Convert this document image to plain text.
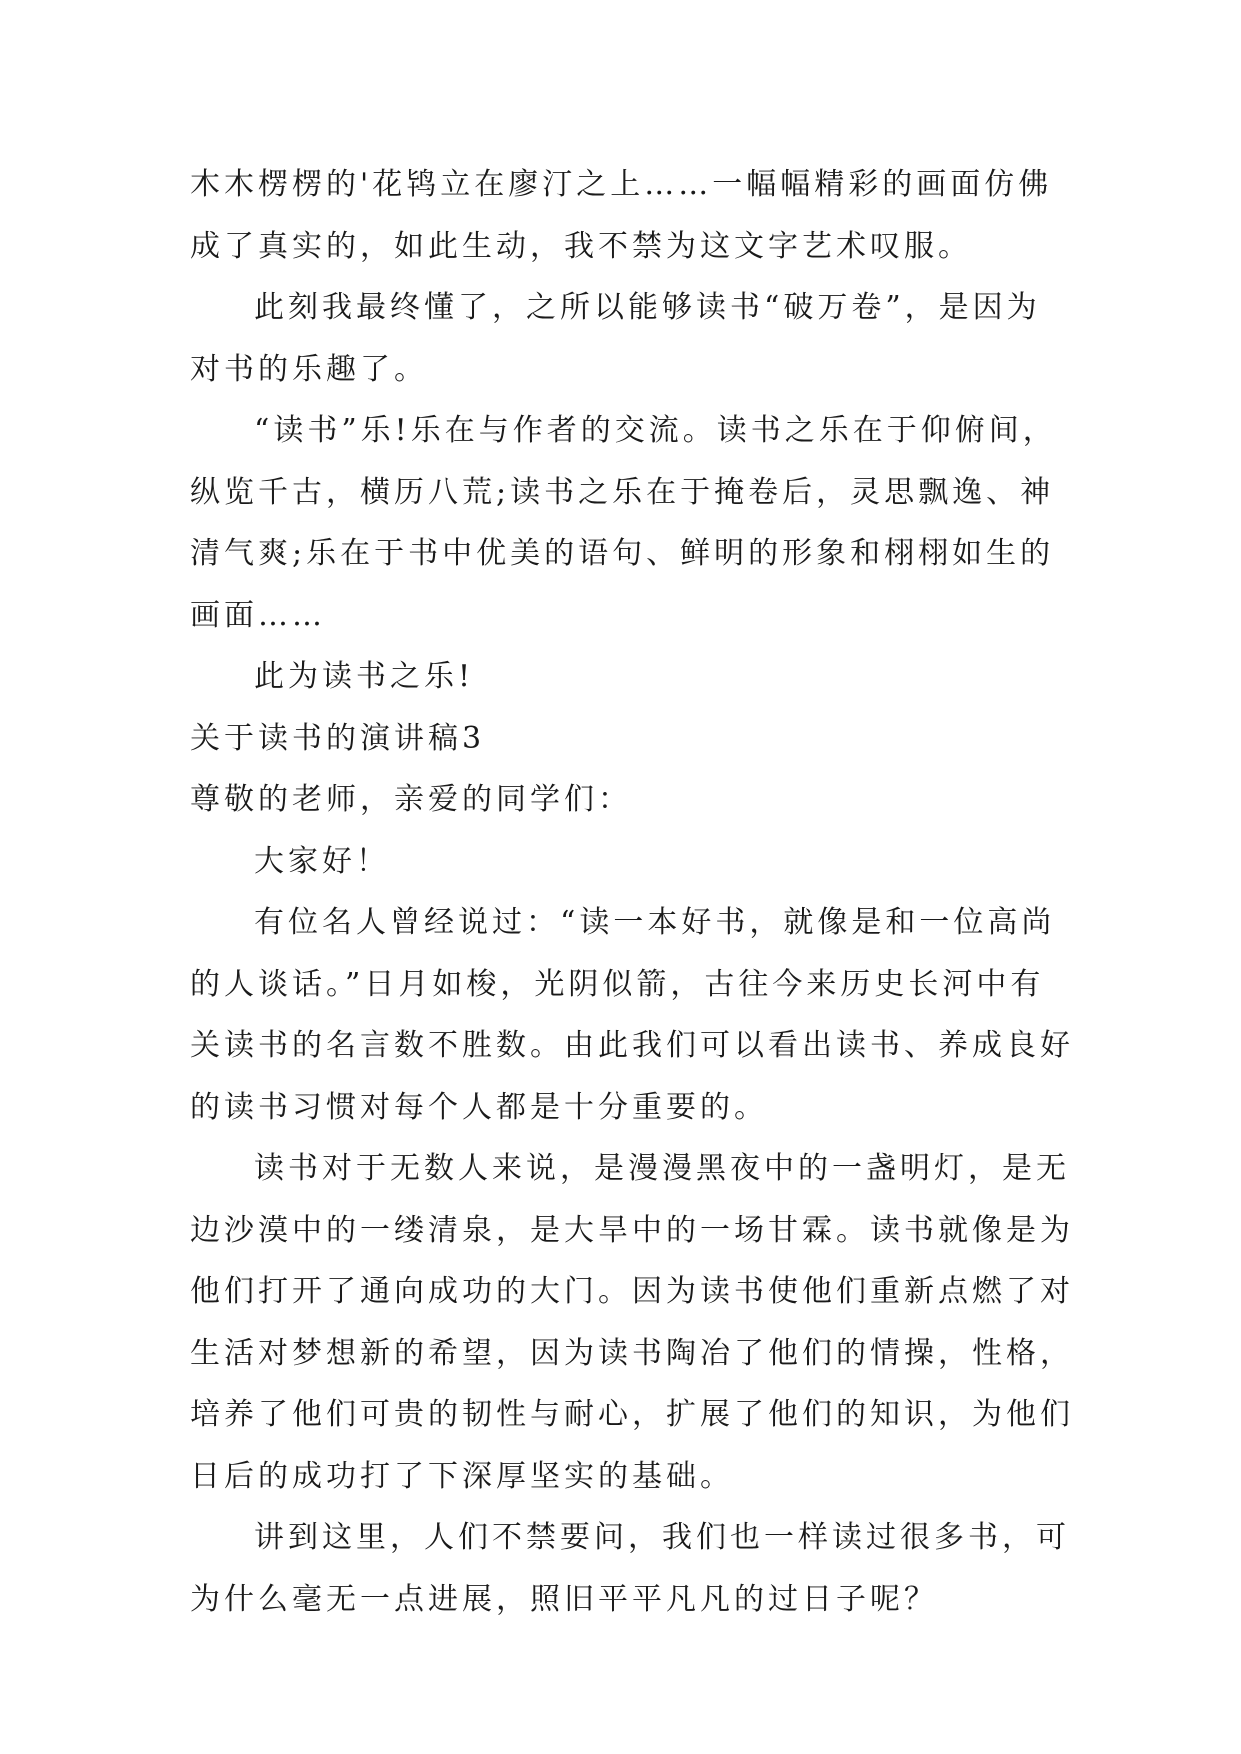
木木楞楞的'花鸨立在廖汀之上……一幅幅精彩的画面仿佛
成了真实的，如此生动，我不禁为这文字艺术叹服。
此刻我最终懂了，之所以能够读书“破万卷”，是因为
对书的乐趣了。
“读书”乐!乐在与作者的交流。读书之乐在于仰俯间，
纵览千古，横历八荒;读书之乐在于掩卷后，灵思飘逸、神
清气爽;乐在于书中优美的语句、鲜明的形象和栩栩如生的
画面……
此为读书之乐!
关于读书的演讲稿3
尊敬的老师，亲爱的同学们：
大家好！
有位名人曾经说过：“读一本好书，就像是和一位高尚
的人谈话。”日月如梭，光阴似箭，古往今来历史长河中有
关读书的名言数不胜数。由此我们可以看出读书、养成良好
的读书习惯对每个人都是十分重要的。
读书对于无数人来说，是漫漫黑夜中的一盏明灯，是无
边沙漠中的一缕清泉，是大旱中的一场甘霖。读书就像是为
他们打开了通向成功的大门。因为读书使他们重新点燃了对
生活对梦想新的希望，因为读书陶冶了他们的情操，性格，
培养了他们可贵的韧性与耐心，扩展了他们的知识，为他们
日后的成功打了下深厚坚实的基础。
讲到这里，人们不禁要问，我们也一样读过很多书，可
为什么毫无一点进展，照旧平平凡凡的过日子呢？
